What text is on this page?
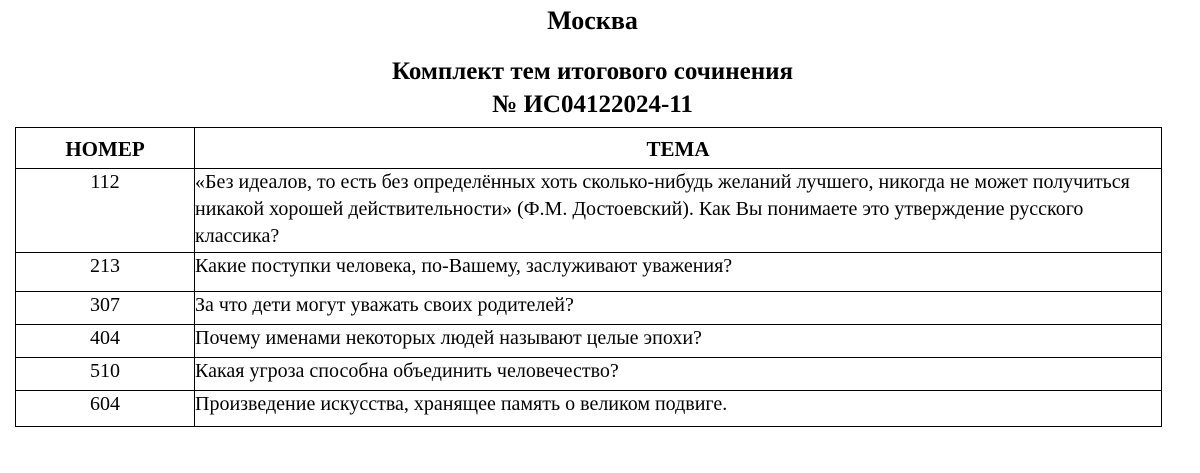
Москва
Комплект тем итогового сочинения
№ ИС04122024-11
НОМЕР	ТЕМА
112	«Без идеалов, то есть без определённых хоть сколько-нибудь желаний лучшего, никогда не может получиться никакой хорошей действительности» (Ф.М. Достоевский). Как Вы понимаете это утверждение русского классика?
213	Какие поступки человека, по-Вашему, заслуживают уважения?
307	За что дети могут уважать своих родителей?
404	Почему именами некоторых людей называют целые эпохи?
510	Какая угроза способна объединить человечество?
604	Произведение искусства, хранящее память о великом подвиге.
